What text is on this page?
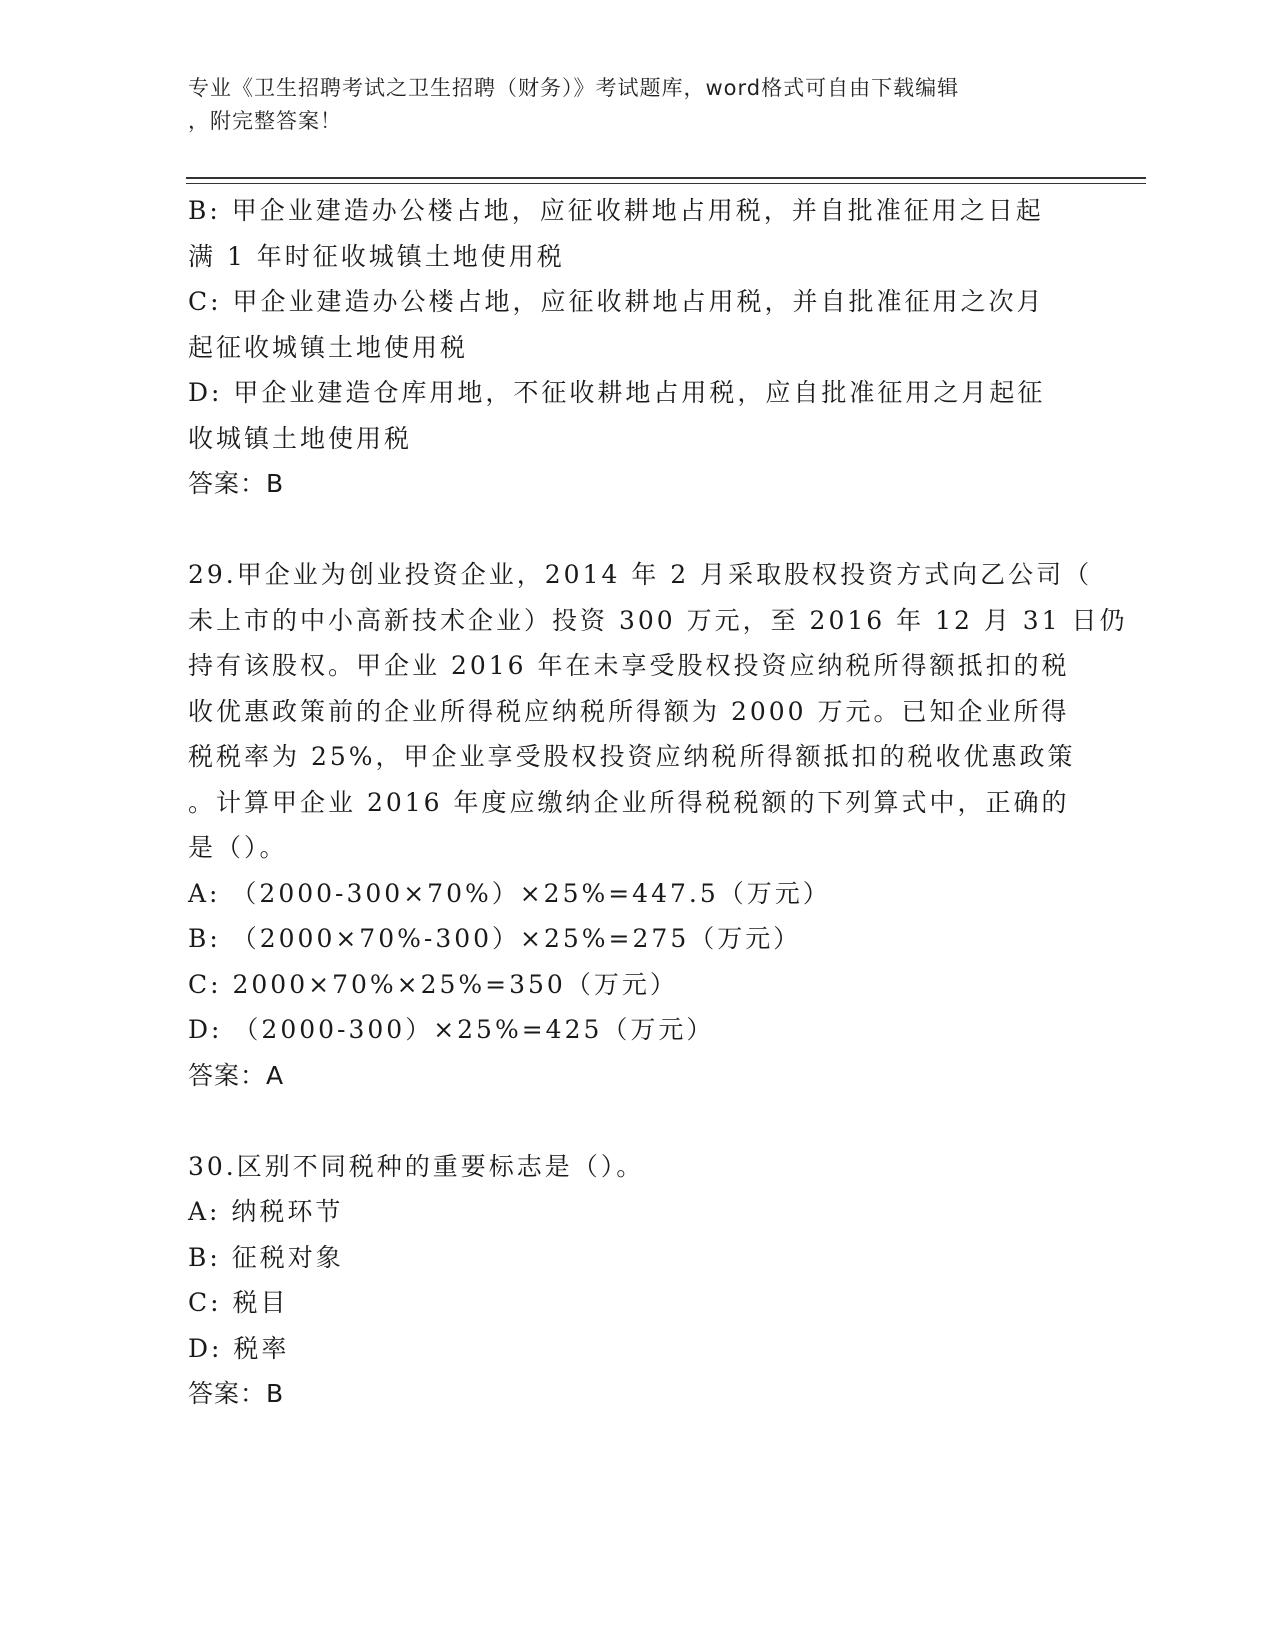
专业《卫生招聘考试之卫生招聘（财务）》考试题库，word格式可自由下载编辑
，附完整答案！

B: 甲企业建造办公楼占地，应征收耕地占用税，并自批准征用之日起

满 1 年时征收城镇土地使用税

C: 甲企业建造办公楼占地，应征收耕地占用税，并自批准征用之次月

起征收城镇土地使用税

D: 甲企业建造仓库用地，不征收耕地占用税，应自批准征用之月起征

收城镇土地使用税

答案：B

29.甲企业为创业投资企业，2014 年 2 月采取股权投资方式向乙公司（

未上市的中小高新技术企业）投资 300 万元，至 2016 年 12 月 31 日仍

持有该股权。甲企业 2016 年在未享受股权投资应纳税所得额抵扣的税

收优惠政策前的企业所得税应纳税所得额为 2000 万元。已知企业所得

税税率为 25%，甲企业享受股权投资应纳税所得额抵扣的税收优惠政策

。计算甲企业 2016 年度应缴纳企业所得税税额的下列算式中，正确的

是（）。

A: （2000-300×70%）×25%=447.5（万元）

B: （2000×70%-300）×25%=275（万元）

C: 2000×70%×25%=350（万元）

D: （2000-300）×25%=425（万元）

答案：A

30.区别不同税种的重要标志是（）。

A: 纳税环节

B: 征税对象

C: 税目

D: 税率

答案：B
